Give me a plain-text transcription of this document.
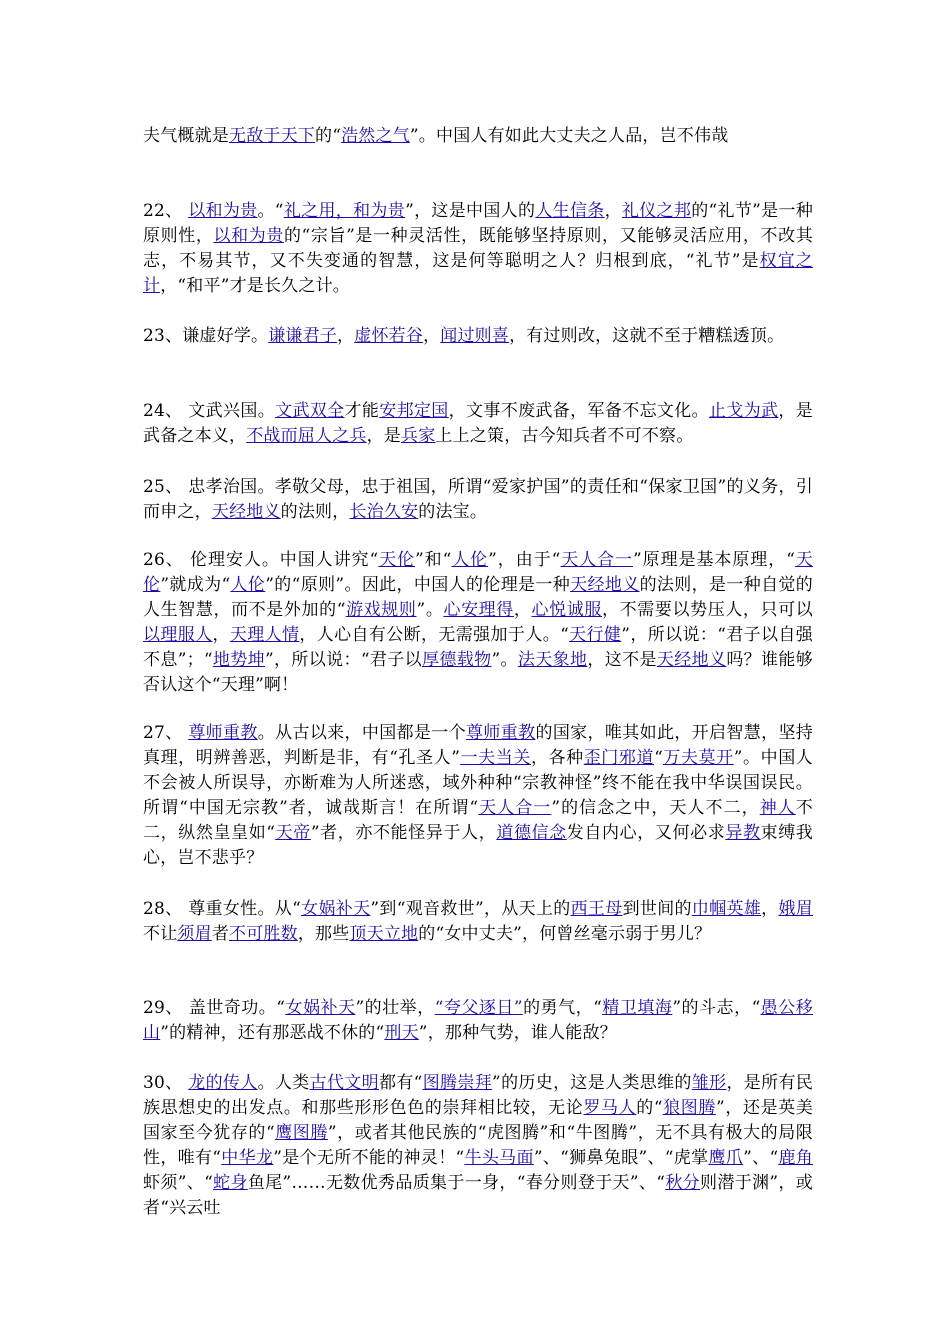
夫气概就是无敌于天下的“浩然之气”。中国人有如此大丈夫之人品，岂不伟哉
22、 以和为贵。“礼之用，和为贵”，这是中国人的人生信条，礼仪之邦的“礼节”是一种原则性，以和为贵的“宗旨”是一种灵活性，既能够坚持原则，又能够灵活应用，不改其志，不易其节，又不失变通的智慧，这是何等聪明之人？归根到底，“礼节”是权宜之计，“和平”才是长久之计。
23、谦虚好学。谦谦君子，虚怀若谷，闻过则喜，有过则改，这就不至于糟糕透顶。
24、 文武兴国。文武双全才能安邦定国，文事不废武备，军备不忘文化。止戈为武，是武备之本义，不战而屈人之兵，是兵家上上之策，古今知兵者不可不察。
25、 忠孝治国。孝敬父母，忠于祖国，所谓“爱家护国”的责任和“保家卫国”的义务，引而申之，天经地义的法则，长治久安的法宝。
26、 伦理安人。中国人讲究“天伦”和“人伦”，由于“天人合一”原理是基本原理，“天伦”就成为“人伦”的“原则”。因此，中国人的伦理是一种天经地义的法则，是一种自觉的人生智慧，而不是外加的“游戏规则”。心安理得，心悦诚服，不需要以势压人，只可以以理服人，天理人情，人心自有公断，无需强加于人。“天行健”，所以说：“君子以自强不息”；“地势坤”，所以说：“君子以厚德载物”。法天象地，这不是天经地义吗？谁能够否认这个“天理”啊！
27、 尊师重教。从古以来，中国都是一个尊师重教的国家，唯其如此，开启智慧，坚持真理，明辨善恶，判断是非，有“孔圣人”一夫当关，各种歪门邪道“万夫莫开”。中国人不会被人所误导，亦断难为人所迷惑，域外种种“宗教神怪”终不能在我中华误国误民。所谓“中国无宗教”者，诚哉斯言！在所谓“天人合一”的信念之中，天人不二，神人不二，纵然皇皇如“天帝”者，亦不能怪异于人，道德信念发自内心，又何必求异教束缚我心，岂不悲乎？
28、 尊重女性。从“女娲补天”到“观音救世”，从天上的西王母到世间的巾帼英雄，娥眉不让须眉者不可胜数，那些顶天立地的“女中丈夫”，何曾丝毫示弱于男儿？
29、 盖世奇功。“女娲补天”的壮举，“夸父逐日”的勇气，“精卫填海”的斗志，“愚公移山”的精神，还有那恶战不休的“刑天”，那种气势，谁人能敌？
30、 龙的传人。人类古代文明都有“图腾崇拜”的历史，这是人类思维的雏形，是所有民族思想史的出发点。和那些形形色色的崇拜相比较，无论罗马人的“狼图腾”，还是英美国家至今犹存的“鹰图腾”，或者其他民族的“虎图腾”和“牛图腾”，无不具有极大的局限性，唯有“中华龙”是个无所不能的神灵！“牛头马面”、“狮鼻兔眼”、“虎掌鹰爪”、“鹿角虾须”、“蛇身鱼尾”……无数优秀品质集于一身，“春分则登于天”、“秋分则潜于渊”，或者“兴云吐
